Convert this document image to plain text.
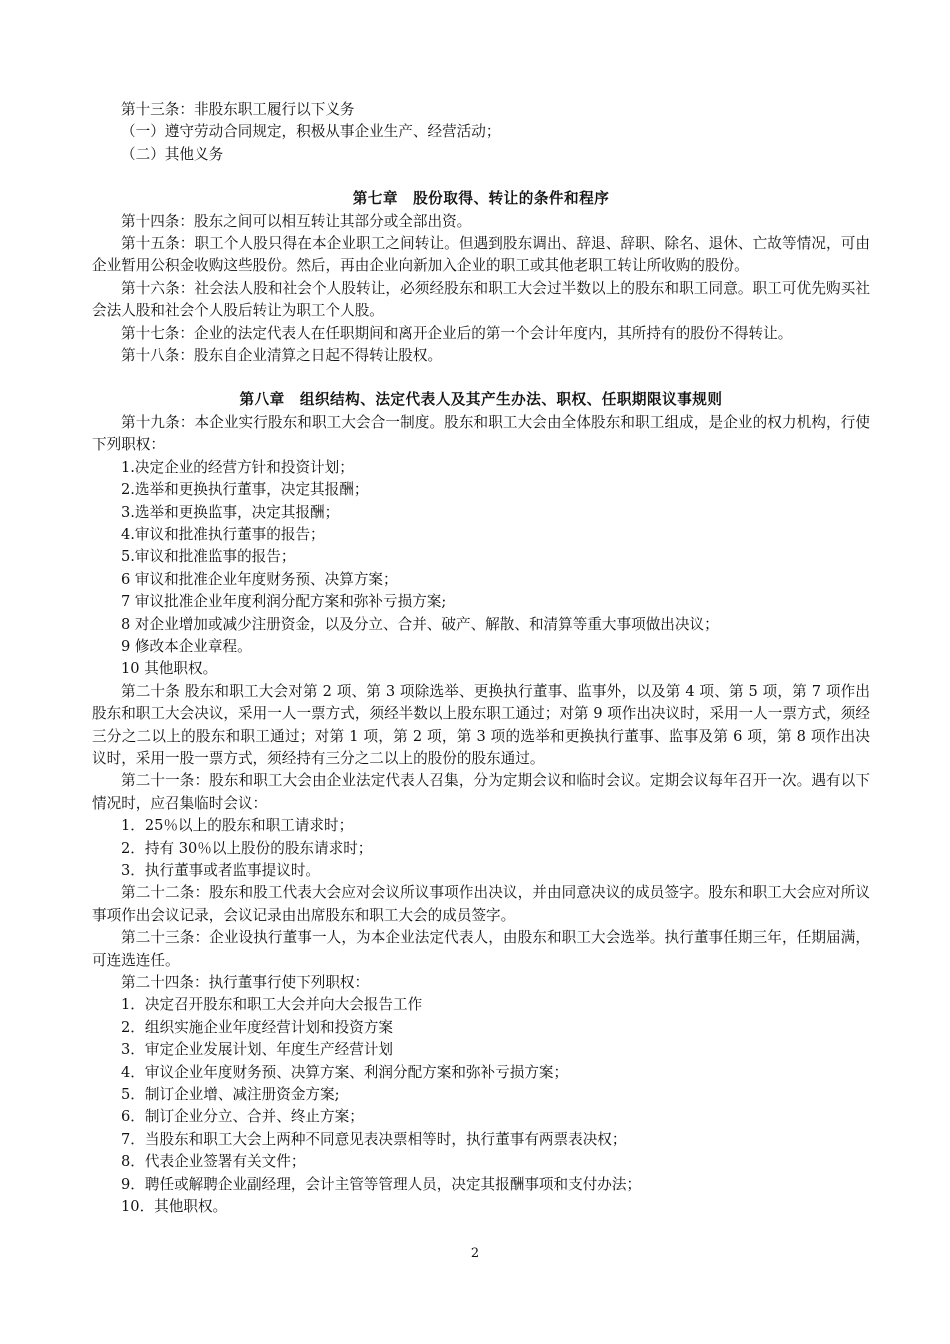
第十三条：非股东职工履行以下义务

（一）遵守劳动合同规定，积极从事企业生产、经营活动；

（二）其他义务

第七章　股份取得、转让的条件和程序

第十四条：股东之间可以相互转让其部分或全部出资。

第十五条：职工个人股只得在本企业职工之间转让。但遇到股东调出、辞退、辞职、除名、退休、亡故等情况，可由企业暂用公积金收购这些股份。然后，再由企业向新加入企业的职工或其他老职工转让所收购的股份。

第十六条：社会法人股和社会个人股转让，必须经股东和职工大会过半数以上的股东和职工同意。职工可优先购买社会法人股和社会个人股后转让为职工个人股。

第十七条：企业的法定代表人在任职期间和离开企业后的第一个会计年度内，其所持有的股份不得转让。

第十八条：股东自企业清算之日起不得转让股权。

第八章　组织结构、法定代表人及其产生办法、职权、任职期限议事规则

第十九条：本企业实行股东和职工大会合一制度。股东和职工大会由全体股东和职工组成，是企业的权力机构，行使下列职权：

1.决定企业的经营方针和投资计划；

2.选举和更换执行董事，决定其报酬；

3.选举和更换监事，决定其报酬；

4.审议和批准执行董事的报告；

5.审议和批准监事的报告；

6 审议和批准企业年度财务预、决算方案；

7 审议批准企业年度利润分配方案和弥补亏损方案;

8 对企业增加或减少注册资金，以及分立、合并、破产、解散、和清算等重大事项做出决议；

9 修改本企业章程。

10 其他职权。

第二十条 股东和职工大会对第 2 项、第 3 项除选举、更换执行董事、监事外，以及第 4 项、第 5 项，第 7 项作出股东和职工大会决议，采用一人一票方式，须经半数以上股东职工通过；对第 9 项作出决议时，采用一人一票方式，须经三分之二以上的股东和职工通过；对第 1 项，第 2 项，第 3 项的选举和更换执行董事、监事及第 6 项，第 8 项作出决议时，采用一股一票方式，须经持有三分之二以上的股份的股东通过。

第二十一条：股东和职工大会由企业法定代表人召集，分为定期会议和临时会议。定期会议每年召开一次。遇有以下情况时，应召集临时会议：

1．25％以上的股东和职工请求时；

2．持有 30％以上股份的股东请求时；

3．执行董事或者监事提议时。

第二十二条：股东和股工代表大会应对会议所议事项作出决议，并由同意决议的成员签字。股东和职工大会应对所议事项作出会议记录，会议记录由出席股东和职工大会的成员签字。

第二十三条：企业设执行董事一人，为本企业法定代表人，由股东和职工大会选举。执行董事任期三年，任期届满，可连选连任。

第二十四条：执行董事行使下列职权：

1．决定召开股东和职工大会并向大会报告工作

2．组织实施企业年度经营计划和投资方案

3．审定企业发展计划、年度生产经营计划

4．审议企业年度财务预、决算方案、利润分配方案和弥补亏损方案；

5．制订企业增、减注册资金方案;

6．制订企业分立、合并、终止方案；

7．当股东和职工大会上两种不同意见表决票相等时，执行董事有两票表决权；

8．代表企业签署有关文件；

9．聘任或解聘企业副经理，会计主管等管理人员，决定其报酬事项和支付办法；

10．其他职权。

2
